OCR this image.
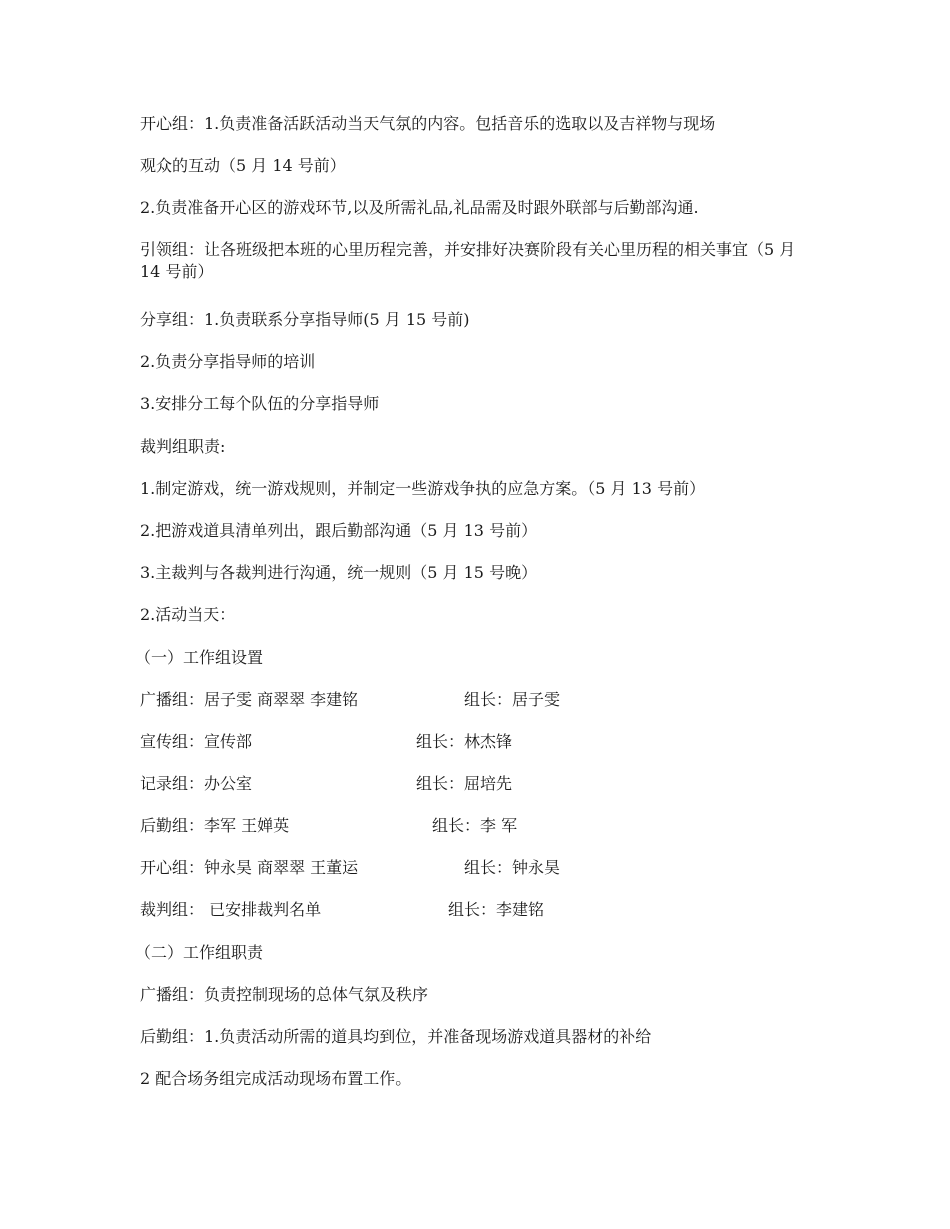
开心组：1.负责准备活跃活动当天气氛的内容。包括音乐的选取以及吉祥物与现场
观众的互动（5 月 14 号前）
2.负责准备开心区的游戏环节,以及所需礼品,礼品需及时跟外联部与后勤部沟通.
引领组：让各班级把本班的心里历程完善，并安排好决赛阶段有关心里历程的相关事宜（5 月 14 号前）
分享组：1.负责联系分享指导师(5 月 15 号前)
2.负责分享指导师的培训
3.安排分工每个队伍的分享指导师
裁判组职责:
1.制定游戏，统一游戏规则，并制定一些游戏争执的应急方案。（5 月 13 号前）
2.把游戏道具清单列出，跟后勤部沟通（5 月 13 号前）
3.主裁判与各裁判进行沟通，统一规则（5 月 15 号晚）
2.活动当天：
（一）工作组设置
广播组：居子雯 商翠翠 李建铭	组长：居子雯
宣传组：宣传部	组长：林杰锋
记录组：办公室	组长：屈培先
后勤组：李军 王婵英	组长：李 军
开心组：钟永昊 商翠翠 王董运	组长：钟永昊
裁判组： 已安排裁判名单	组长：李建铭
（二）工作组职责
广播组：负责控制现场的总体气氛及秩序
后勤组：1.负责活动所需的道具均到位，并准备现场游戏道具器材的补给
2 配合场务组完成活动现场布置工作。
